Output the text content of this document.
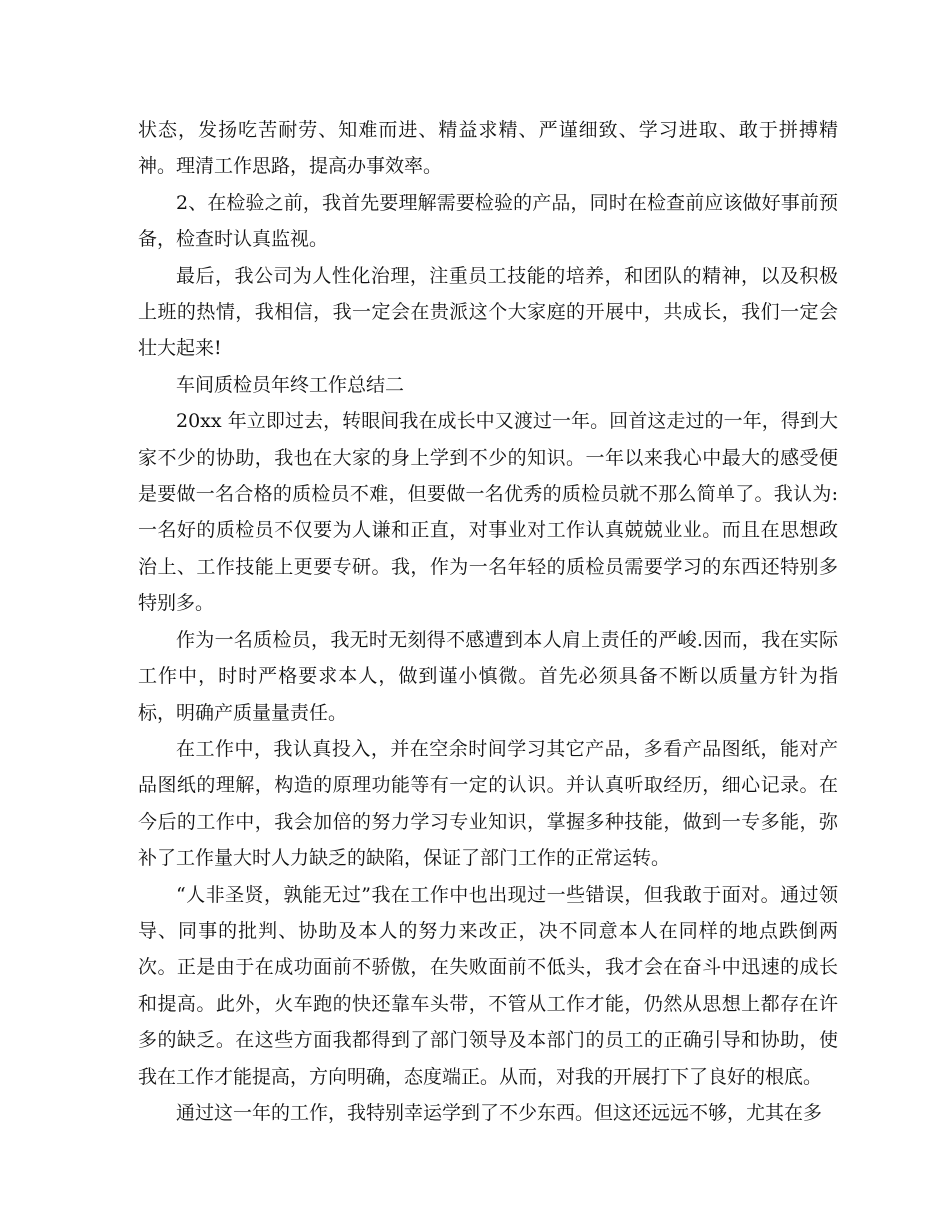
状态，发扬吃苦耐劳、知难而进、精益求精、严谨细致、学习进取、敢于拼搏精神。理清工作思路，提高办事效率。

2、在检验之前，我首先要理解需要检验的产品，同时在检查前应该做好事前预备，检查时认真监视。

最后，我公司为人性化治理，注重员工技能的培养，和团队的精神，以及积极上班的热情，我相信，我一定会在贵派这个大家庭的开展中，共成长，我们一定会壮大起来!

车间质检员年终工作总结二

20xx 年立即过去，转眼间我在成长中又渡过一年。回首这走过的一年，得到大家不少的协助，我也在大家的身上学到不少的知识。一年以来我心中最大的感受便是要做一名合格的质检员不难，但要做一名优秀的质检员就不那么简单了。我认为:一名好的质检员不仅要为人谦和正直，对事业对工作认真兢兢业业。而且在思想政治上、工作技能上更要专研。我，作为一名年轻的质检员需要学习的东西还特别多特别多。

作为一名质检员，我无时无刻得不感遭到本人肩上责任的严峻.因而，我在实际工作中，时时严格要求本人，做到谨小慎微。首先必须具备不断以质量方针为指标，明确产质量量责任。

在工作中，我认真投入，并在空余时间学习其它产品，多看产品图纸，能对产品图纸的理解，构造的原理功能等有一定的认识。并认真听取经历，细心记录。在今后的工作中，我会加倍的努力学习专业知识，掌握多种技能，做到一专多能，弥补了工作量大时人力缺乏的缺陷，保证了部门工作的正常运转。

“人非圣贤，孰能无过”我在工作中也出现过一些错误，但我敢于面对。通过领导、同事的批判、协助及本人的努力来改正，决不同意本人在同样的地点跌倒两次。正是由于在成功面前不骄傲，在失败面前不低头，我才会在奋斗中迅速的成长和提高。此外，火车跑的快还靠车头带，不管从工作才能，仍然从思想上都存在许多的缺乏。在这些方面我都得到了部门领导及本部门的员工的正确引导和协助，使我在工作才能提高，方向明确，态度端正。从而，对我的开展打下了良好的根底。

通过这一年的工作，我特别幸运学到了不少东西。但这还远远不够，尤其在多
